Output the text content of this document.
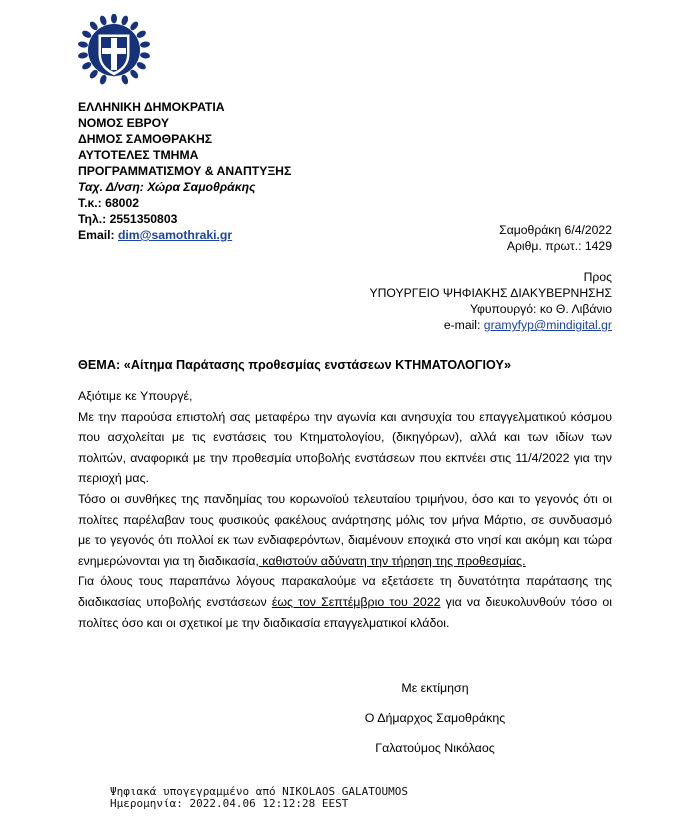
ΕΛΛΗΝΙΚΗ ΔΗΜΟΚΡΑΤΙΑ
ΝΟΜΟΣ ΕΒΡΟΥ
ΔΗΜΟΣ ΣΑΜΟΘΡΑΚΗΣ
ΑΥΤΟΤΕΛΕΣ ΤΜΗΜΑ
ΠΡΟΓΡΑΜΜΑΤΙΣΜΟΥ & ΑΝΑΠΤΥΞΗΣ
Ταχ. Δ/νση: Χώρα Σαμοθράκης
Τ.κ.: 68002
Τηλ.: 2551350803
Email: dim@samothraki.gr	Σαμοθράκη 6/4/2022
Αριθμ. πρωτ.: 1429
Προς
ΥΠΟΥΡΓΕΙΟ ΨΗΦΙΑΚΗΣ ΔΙΑΚΥΒΕΡΝΗΣΗΣ
Υφυπουργό: κο Θ. Λιβάνιο
e-mail: gramyfyp@mindigital.gr
ΘΕΜΑ: «Αίτημα Παράτασης προθεσμίας ενστάσεων ΚΤΗΜΑΤΟΛΟΓΙΟΥ»

Αξιότιμε κε Υπουργέ,

Με την παρούσα επιστολή σας μεταφέρω την αγωνία και ανησυχία του επαγγελματικού κόσμου που ασχολείται με τις ενστάσεις του Κτηματολογίου, (δικηγόρων), αλλά και των ιδίων των πολιτών, αναφορικά με την προθεσμία υποβολής ενστάσεων που εκπνέει στις 11/4/2022 για την περιοχή μας.

Τόσο οι συνθήκες της πανδημίας του κορωνοϊού τελευταίου τριμήνου, όσο και το γεγονός ότι οι πολίτες παρέλαβαν τους φυσικούς φακέλους ανάρτησης μόλις τον μήνα Μάρτιο, σε συνδυασμό με το γεγονός ότι πολλοί εκ των ενδιαφερόντων, διαμένουν εποχικά στο νησί και ακόμη και τώρα ενημερώνονται για τη διαδικασία, καθιστούν αδύνατη την τήρηση της προθεσμίας.

Για όλους τους παραπάνω λόγους παρακαλούμε να εξετάσετε τη δυνατότητα παράτασης της διαδικασίας υποβολής ενστάσεων έως τον Σεπτέμβριο του 2022 για να διευκολυνθούν τόσο οι πολίτες όσο και οι σχετικοί με την διαδικασία επαγγελματικοί κλάδοι.

Με εκτίμηση
Ο Δήμαρχος Σαμοθράκης
Γαλατούμος Νικόλαος
Ψηφιακά υπογεγραμμένο από NIKOLAOS GALATOUMOS
Ημερομηνία: 2022.04.06 12:12:28 EEST
